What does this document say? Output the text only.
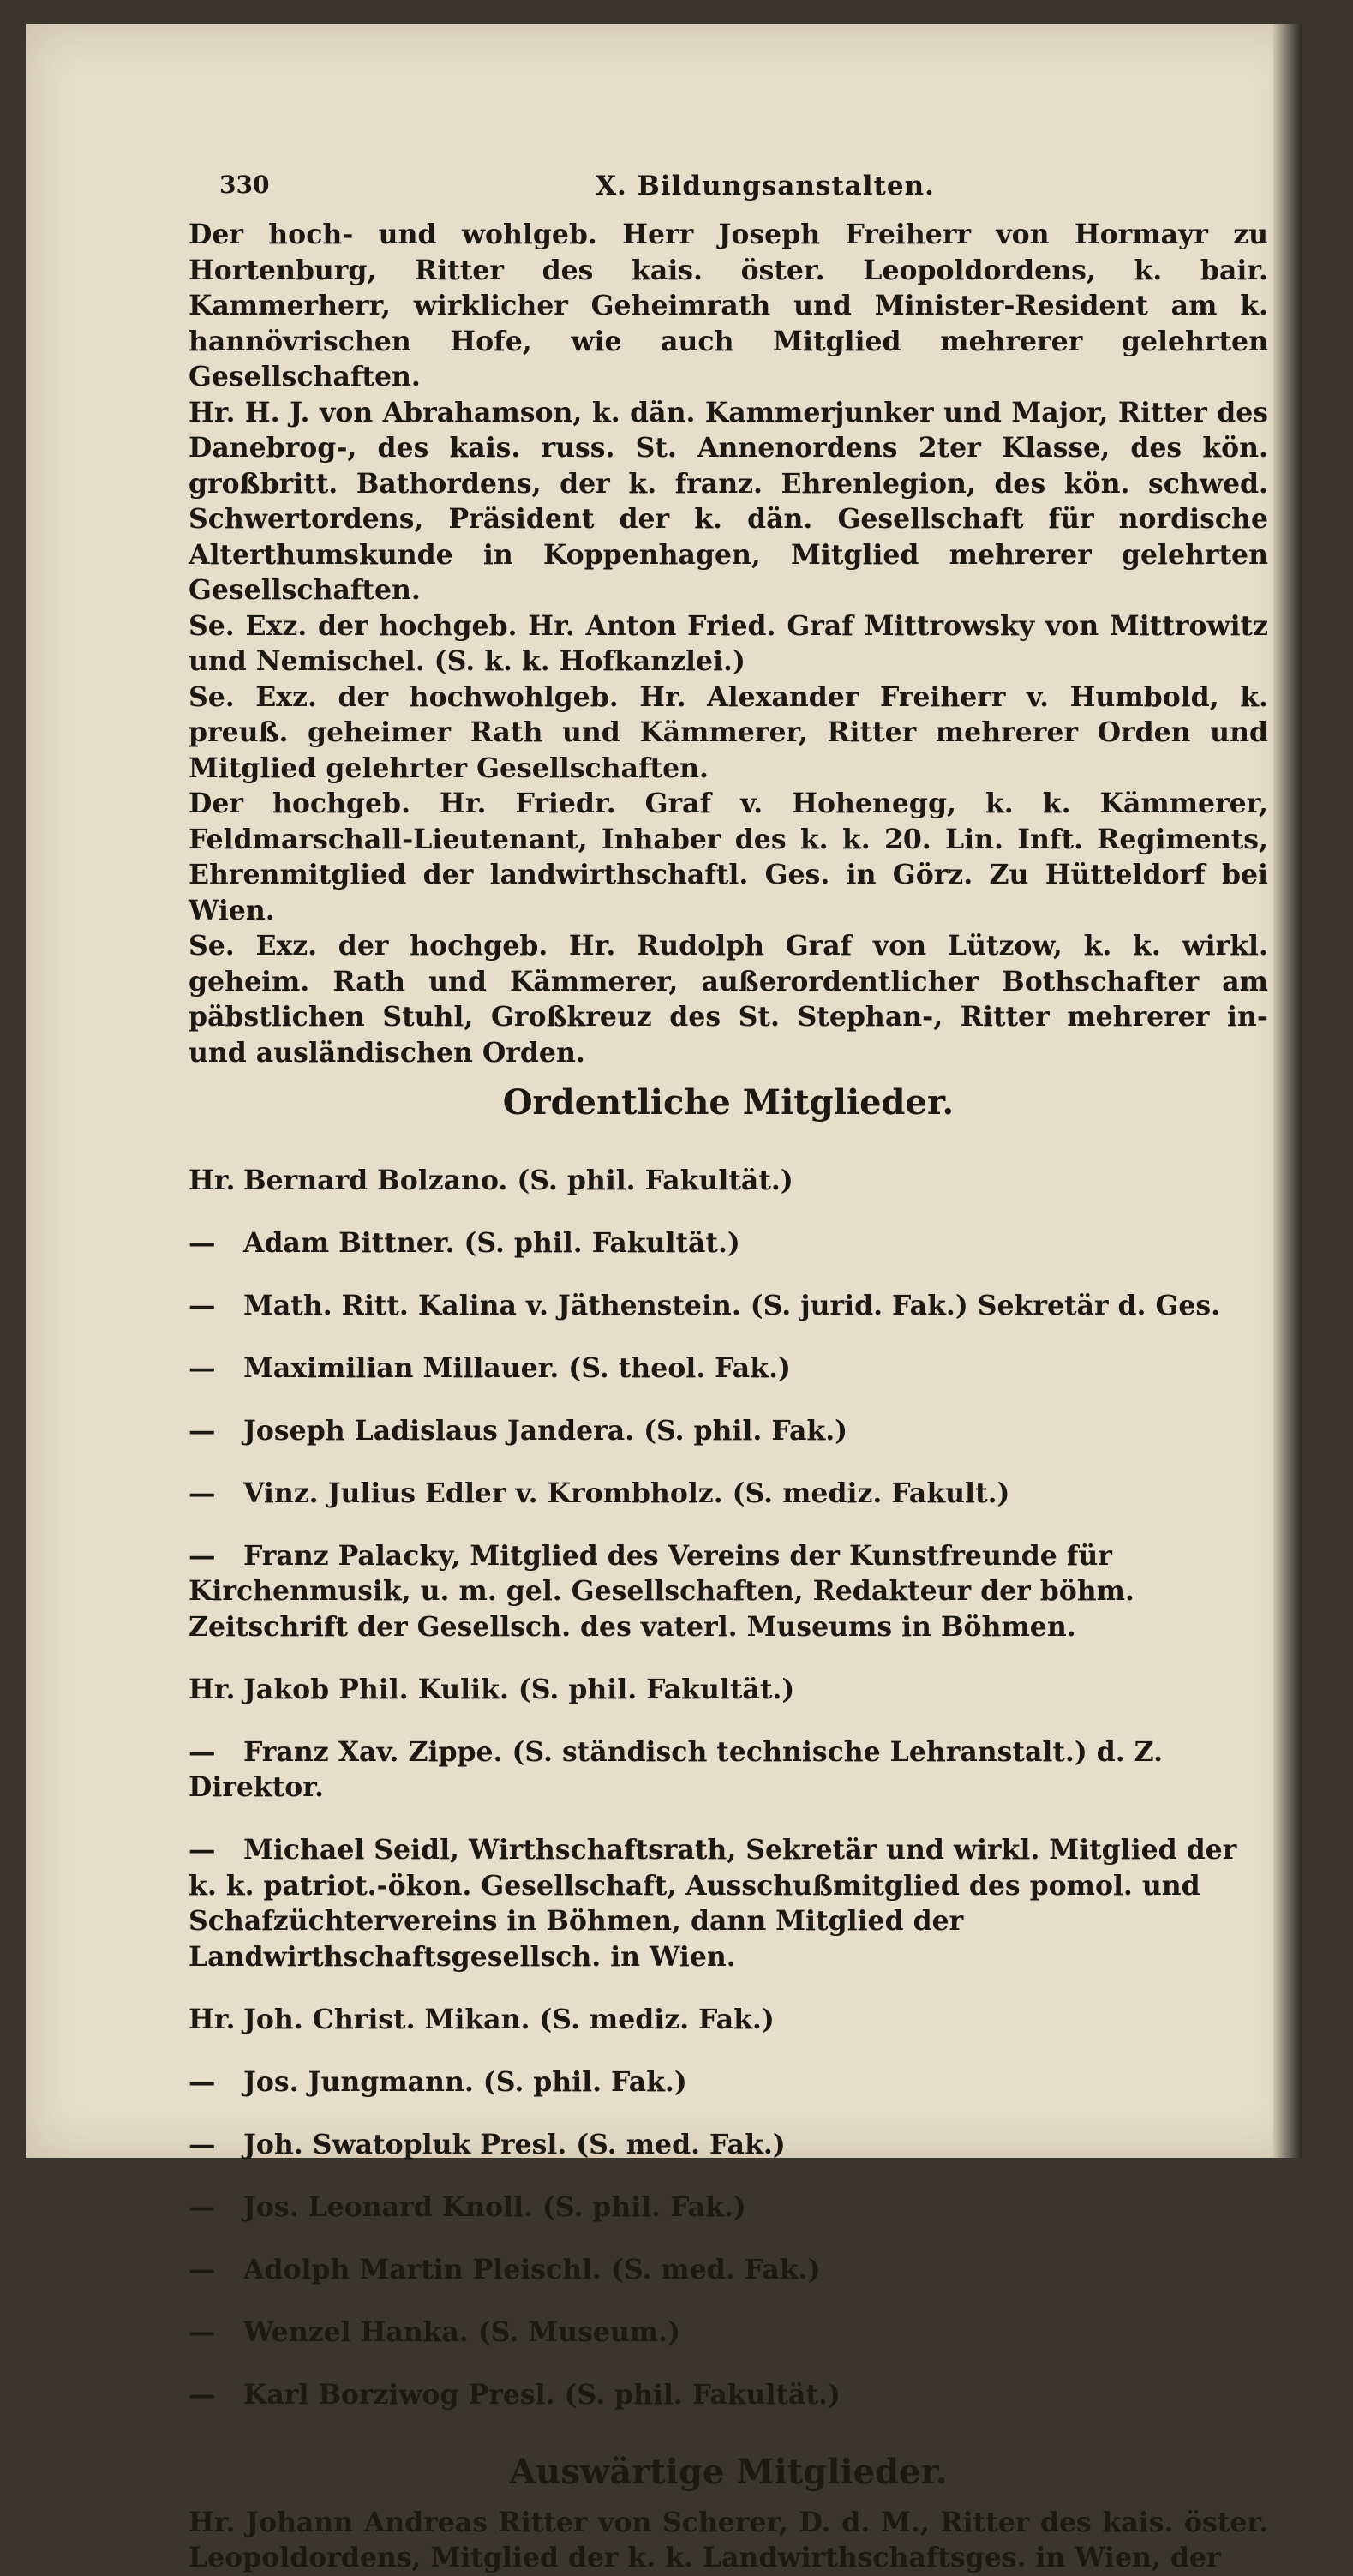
330	X. Bildungsanstalten.

Der hoch- und wohlgeb. Herr Joseph Freiherr von Hormayr zu Hortenburg, Ritter des kais. öster. Leopoldordens, k. bair. Kammerherr, wirklicher Geheimrath und Minister-Resident am k. hannövrischen Hofe, wie auch Mitglied mehrerer gelehrten Gesellschaften.

Hr. H. J. von Abrahamson, k. dän. Kammerjunker und Major, Ritter des Danebrog-, des kais. russ. St. Annenordens 2ter Klasse, des kön. großbritt. Bathordens, der k. franz. Ehrenlegion, des kön. schwed. Schwertordens, Präsident der k. dän. Gesellschaft für nordische Alterthumskunde in Koppenhagen, Mitglied mehrerer gelehrten Gesellschaften.

Se. Exz. der hochgeb. Hr. Anton Fried. Graf Mittrowsky von Mittrowitz und Nemischel. (S. k. k. Hofkanzlei.)

Se. Exz. der hochwohlgeb. Hr. Alexander Freiherr v. Humbold, k. preuß. geheimer Rath und Kämmerer, Ritter mehrerer Orden und Mitglied gelehrter Gesellschaften.

Der hochgeb. Hr. Friedr. Graf v. Hohenegg, k. k. Kämmerer, Feldmarschall-Lieutenant, Inhaber des k. k. 20. Lin. Inft. Regiments, Ehrenmitglied der landwirthschaftl. Ges. in Görz. Zu Hütteldorf bei Wien.

Se. Exz. der hochgeb. Hr. Rudolph Graf von Lützow, k. k. wirkl. geheim. Rath und Kämmerer, außerordentlicher Bothschafter am päbstlichen Stuhl, Großkreuz des St. Stephan-, Ritter mehrerer in- und ausländischen Orden.

Ordentliche Mitglieder.

Hr. Bernard Bolzano. (S. phil. Fakultät.)

— Adam Bittner. (S. phil. Fakultät.)

— Math. Ritt. Kalina v. Jäthenstein. (S. jurid. Fak.) Sekretär d. Ges.

— Maximilian Millauer. (S. theol. Fak.)

— Joseph Ladislaus Jandera. (S. phil. Fak.)

— Vinz. Julius Edler v. Krombholz. (S. mediz. Fakult.)

— Franz Palacky, Mitglied des Vereins der Kunstfreunde für Kirchenmusik, u. m. gel. Gesellschaften, Redakteur der böhm. Zeitschrift der Gesellsch. des vaterl. Museums in Böhmen.

Hr. Jakob Phil. Kulik. (S. phil. Fakultät.)

— Franz Xav. Zippe. (S. ständisch technische Lehranstalt.) d. Z. Direktor.

— Michael Seidl, Wirthschaftsrath, Sekretär und wirkl. Mitglied der k. k. patriot.-ökon. Gesellschaft, Ausschußmitglied des pomol. und Schafzüchtervereins in Böhmen, dann Mitglied der Landwirthschaftsgesellsch. in Wien.

Hr. Joh. Christ. Mikan. (S. mediz. Fak.)

— Jos. Jungmann. (S. phil. Fak.)

— Joh. Swatopluk Presl. (S. med. Fak.)

— Jos. Leonard Knoll. (S. phil. Fak.)

— Adolph Martin Pleischl. (S. med. Fak.)

— Wenzel Hanka. (S. Museum.)

— Karl Borziwog Presl. (S. phil. Fakultät.)

Auswärtige Mitglieder.

Hr. Johann Andreas Ritter von Scherer, D. d. M., Ritter des kais. öster. Leopoldordens, Mitglied der k. k. Landwirthschaftsges. in Wien, der
